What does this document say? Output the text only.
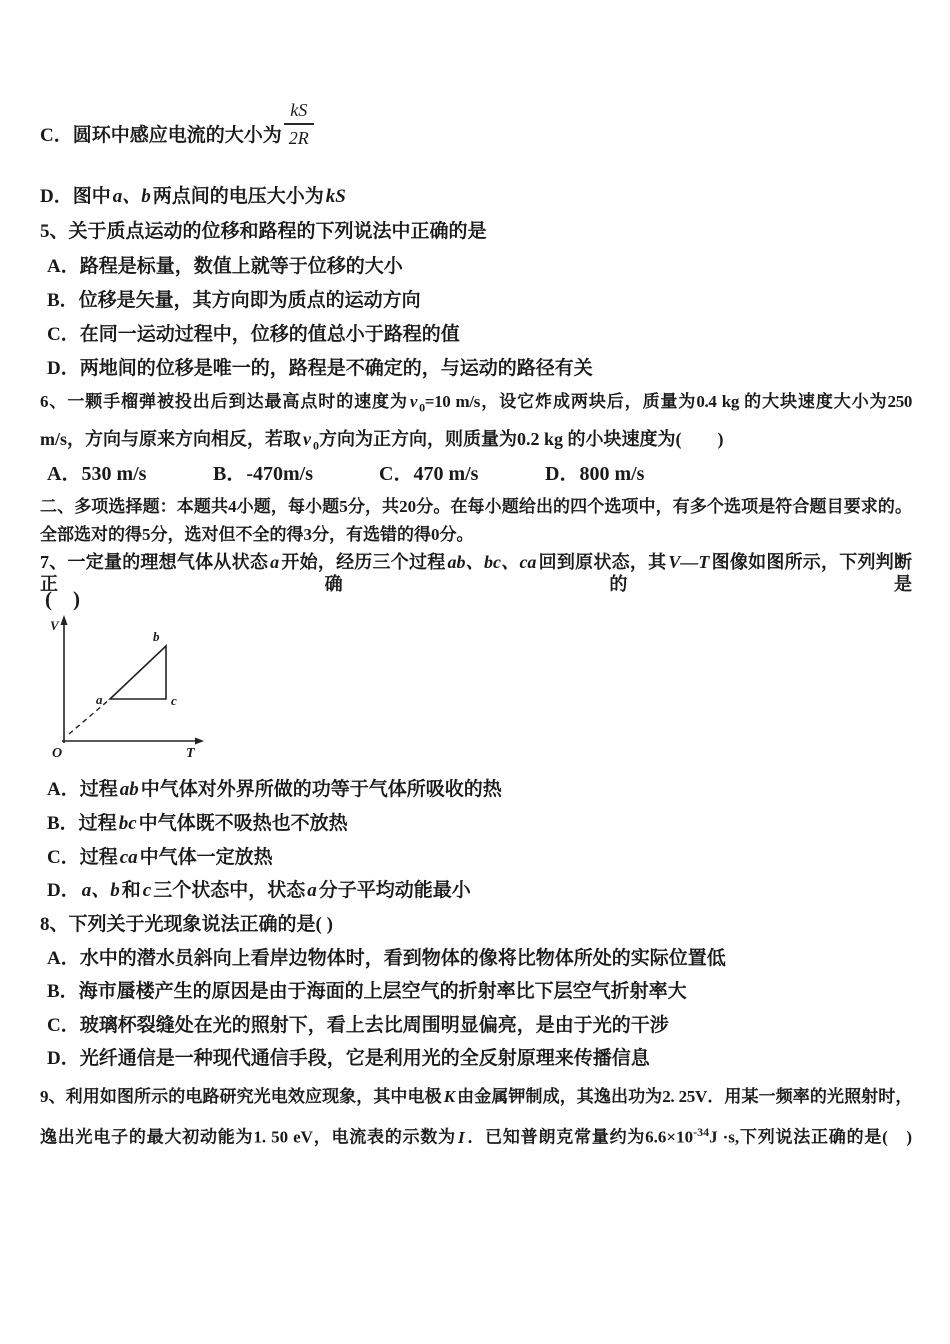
C．圆环中感应电流的大小为 $\frac{kS}{2R}$
D．图中 a、b 两点间的电压大小为 kS
5、关于质点运动的位移和路程的下列说法中正确的是
A．路程是标量，数值上就等于位移的大小
B．位移是矢量，其方向即为质点的运动方向
C．在同一运动过程中，位移的值总小于路程的值
D．两地间的位移是唯一的，路程是不确定的，与运动的路径有关
6、一颗手榴弹被投出后到达最高点时的速度为 v $_0$=10 m/s，设它炸成两块后，质量为0.4 kg 的大块速度大小为250
m/s，方向与原来方向相反，若取 v $_0$方向为正方向，则质量为0.2 kg 的小块速度为(　　)
A．530 m/s	B．-470m/s	C．470 m/s	D．800 m/s
二、多项选择题：本题共4小题，每小题5分，共20分。在每小题给出的四个选项中，有多个选项是符合题目要求的。
全部选对的得5分，选对但不全的得3分，有选错的得0分。
7、一定量的理想气体从状态 a 开始，经历三个过程 ab、bc、ca 回到原状态，其 V—T 图像如图所示，下列判断正确的是
(　)
V
T
O
a
b
c
A．过程 ab 中气体对外界所做的功等于气体所吸收的热
B．过程 bc 中气体既不吸热也不放热
C．过程 ca 中气体一定放热
D． a、b 和 c 三个状态中，状态 a 分子平均动能最小
8、下列关于光现象说法正确的是( )
A．水中的潜水员斜向上看岸边物体时，看到物体的像将比物体所处的实际位置低
B．海市蜃楼产生的原因是由于海面的上层空气的折射率比下层空气折射率大
C．玻璃杯裂缝处在光的照射下，看上去比周围明显偏亮，是由于光的干涉
D．光纤通信是一种现代通信手段，它是利用光的全反射原理来传播信息
9、利用如图所示的电路研究光电效应现象，其中电极 K 由金属钾制成，其逸出功为2. 25V．用某一频率的光照射时，
逸出光电子的最大初动能为1. 50 eV，电流表的示数为 I ．已知普朗克常量约为$6.6\times 10^{-34}J \cdot s$,下列说法正确的是(　)
